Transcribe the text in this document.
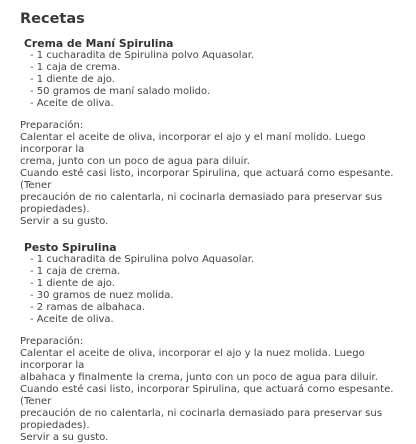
Recetas
Crema de Maní Spirulina
- 1 cucharadita de Spirulina polvo Aquasolar.
- 1 caja de crema.
- 1 diente de ajo.
- 50 gramos de maní salado molido.
- Aceite de oliva.

Preparación:

Calentar el aceite de oliva, incorporar el ajo y el maní molido. Luego incorporar la

crema, junto con un poco de agua para diluir.

Cuando esté casi listo, incorporar Spirulina, que actuará como espesante. (Tener

precaución de no calentarla, ni cocinarla demasiado para preservar sus

propiedades).

Servir a su gusto.

Pesto Spirulina
- 1 cucharadita de Spirulina polvo Aquasolar.
- 1 caja de crema.
- 1 diente de ajo.
- 30 gramos de nuez molida.
- 2 ramas de albahaca.
- Aceite de oliva.

Preparación:

Calentar el aceite de oliva, incorporar el ajo y la nuez molida. Luego incorporar la

albahaca y finalmente la crema, junto con un poco de agua para diluir.

Cuando esté casi listo, incorporar Spirulina, que actuará como espesante. (Tener

precaución de no calentarla, ni cocinarla demasiado para preservar sus

propiedades).

Servir a su gusto.
